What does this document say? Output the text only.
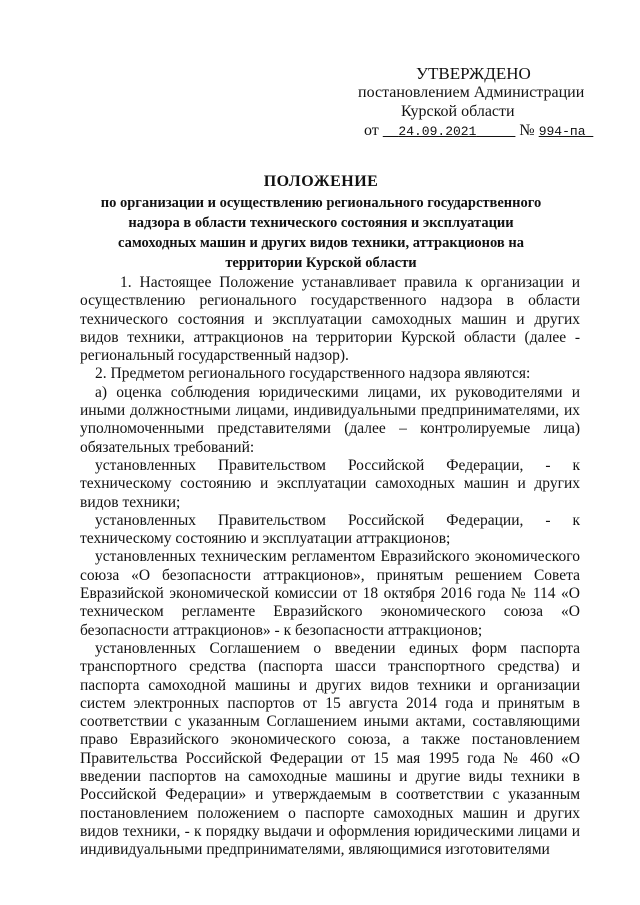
УТВЕРЖДЕНО
постановлением Администрации
Курской области
от 24.09.2021	№ 994-па
ПОЛОЖЕНИЕ
по организации и осуществлению регионального государственного
надзора в области технического состояния и эксплуатации
самоходных машин и других видов техники, аттракционов на
территории Курской области

1. Настоящее Положение устанавливает правила к организации и осуществлению регионального государственного надзора в области технического состояния и эксплуатации самоходных машин и других видов техники, аттракционов на территории Курской области (далее - региональный государственный надзор).

2. Предметом регионального государственного надзора являются:

а) оценка соблюдения юридическими лицами, их руководителями и иными должностными лицами, индивидуальными предпринимателями, их уполномоченными представителями (далее – контролируемые лица) обязательных требований:

установленных Правительством Российской Федерации, - к техническому состоянию и эксплуатации самоходных машин и других видов техники;

установленных Правительством Российской Федерации, - к техническому состоянию и эксплуатации аттракционов;

установленных техническим регламентом Евразийского экономического союза «О безопасности аттракционов», принятым решением Совета Евразийской экономической комиссии от 18 октября 2016 года № 114 «О техническом регламенте Евразийского экономического союза «О безопасности аттракционов» - к безопасности аттракционов;

установленных Соглашением о введении единых форм паспорта транспортного средства (паспорта шасси транспортного средства) и паспорта самоходной машины и других видов техники и организации систем электронных паспортов от 15 августа 2014 года и принятым в соответствии с указанным Соглашением иными актами, составляющими право Евразийского экономического союза, а также постановлением Правительства Российской Федерации от 15 мая 1995 года № 460 «О введении паспортов на самоходные машины и другие виды техники в Российской Федерации» и утверждаемым в соответствии с указанным постановлением положением о паспорте самоходных машин и других видов техники, - к порядку выдачи и оформления юридическими лицами и индивидуальными предпринимателями, являющимися изготовителями
